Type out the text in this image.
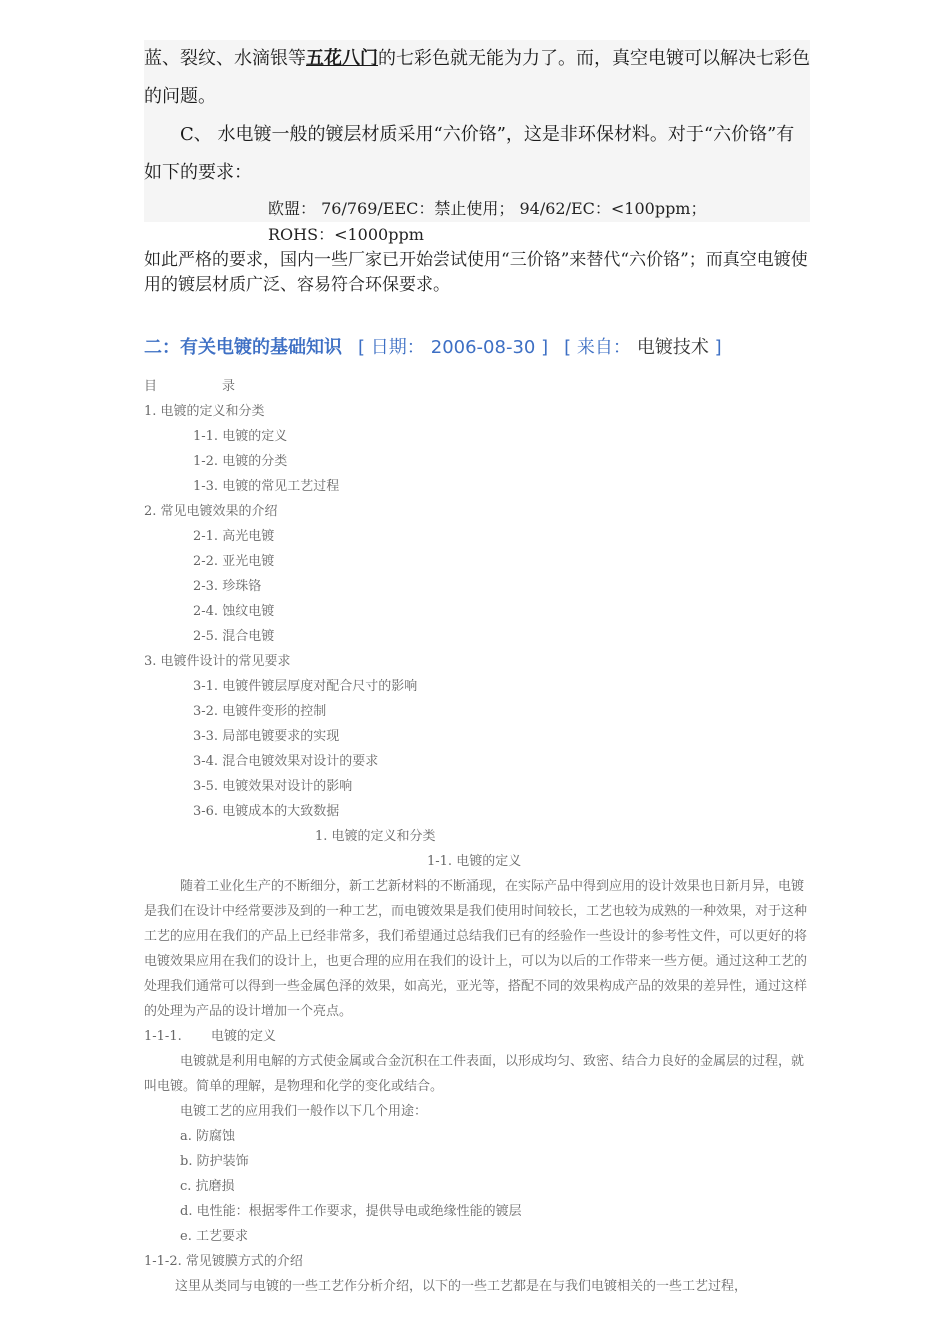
蓝、裂纹、水滴银等五花八门的七彩色就无能为力了。而，真空电镀可以解决七彩色的问题。

C、 水电镀一般的镀层材质采用“六价铬”，这是非环保材料。对于“六价铬”有如下的要求：

欧盟： 76/769/EEC：禁止使用； 94/62/EC：<100ppm；

ROHS：<1000ppm

如此严格的要求，国内一些厂家已开始尝试使用“三价铬”来替代“六价铬”；而真空电镀使用的镀层材质广泛、容易符合环保要求。

二：有关电镀的基础知识 [ 日期： 2006-08-30 ] [ 来自： 电镀技术 ]

目	录

1. 电镀的定义和分类

1-1. 电镀的定义

1-2. 电镀的分类

1-3. 电镀的常见工艺过程

2. 常见电镀效果的介绍

2-1. 高光电镀

2-2. 亚光电镀

2-3. 珍珠铬

2-4. 蚀纹电镀

2-5. 混合电镀

3. 电镀件设计的常见要求

3-1. 电镀件镀层厚度对配合尺寸的影响

3-2. 电镀件变形的控制

3-3. 局部电镀要求的实现

3-4. 混合电镀效果对设计的要求

3-5. 电镀效果对设计的影响

3-6. 电镀成本的大致数据

1. 电镀的定义和分类

1-1. 电镀的定义

随着工业化生产的不断细分，新工艺新材料的不断涌现，在实际产品中得到应用的设计效果也日新月异，电镀是我们在设计中经常要涉及到的一种工艺，而电镀效果是我们使用时间较长，工艺也较为成熟的一种效果，对于这种工艺的应用在我们的产品上已经非常多，我们希望通过总结我们已有的经验作一些设计的参考性文件，可以更好的将电镀效果应用在我们的设计上，也更合理的应用在我们的设计上，可以为以后的工作带来一些方便。通过这种工艺的处理我们通常可以得到一些金属色泽的效果，如高光，亚光等，搭配不同的效果构成产品的效果的差异性，通过这样的处理为产品的设计增加一个亮点。

1-1-1. 电镀的定义

电镀就是利用电解的方式使金属或合金沉积在工件表面，以形成均匀、致密、结合力良好的金属层的过程，就叫电镀。简单的理解，是物理和化学的变化或结合。

电镀工艺的应用我们一般作以下几个用途：

a. 防腐蚀

b. 防护装饰

c. 抗磨损

d. 电性能：根据零件工作要求，提供导电或绝缘性能的镀层

e. 工艺要求

1-1-2. 常见镀膜方式的介绍

这里从类同与电镀的一些工艺作分析介绍，以下的一些工艺都是在与我们电镀相关的一些工艺过程，
